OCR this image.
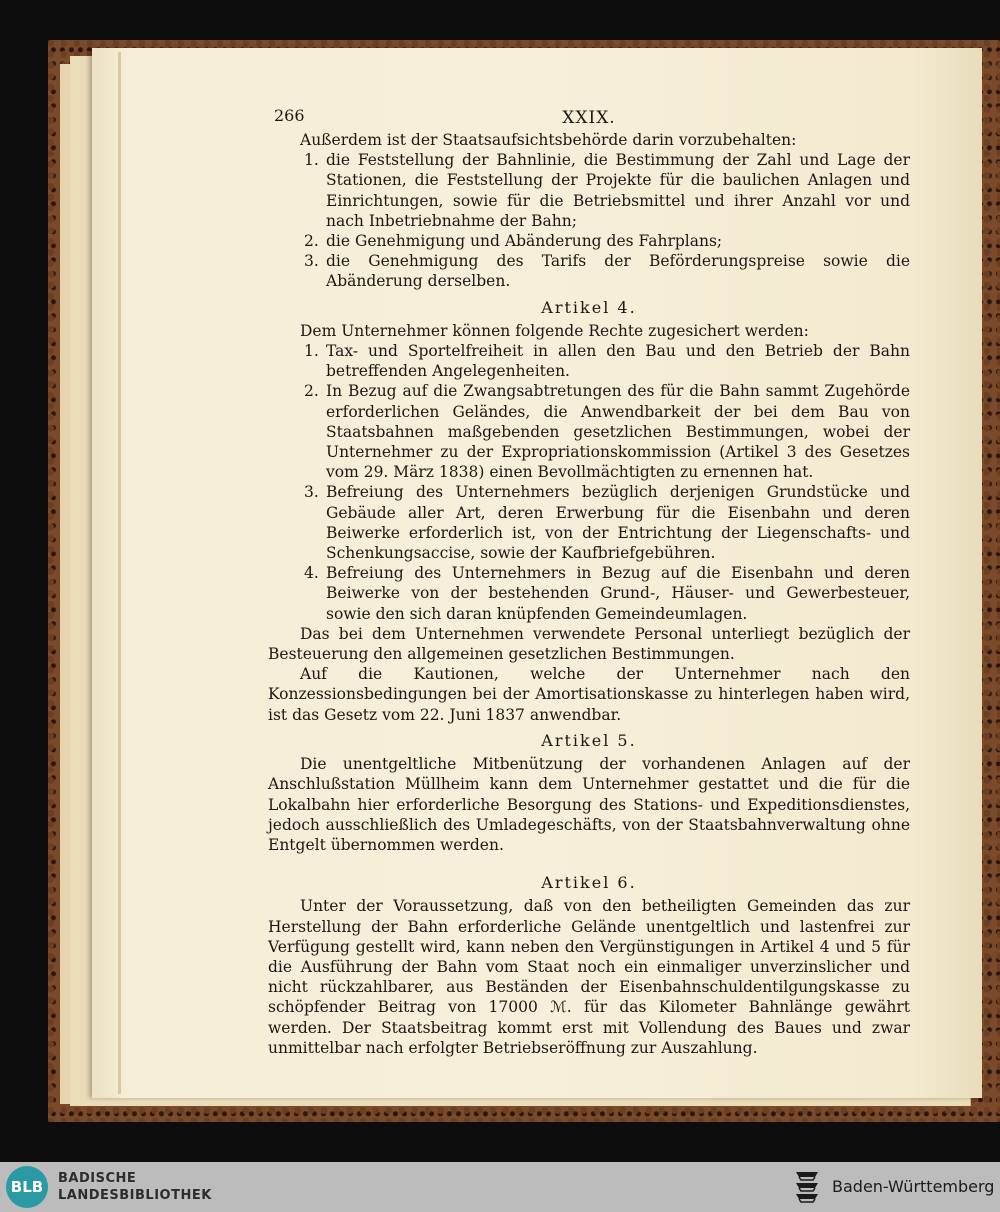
266	XXIX.

Außerdem ist der Staatsaufsichtsbehörde darin vorzubehalten:

1. die Feststellung der Bahnlinie, die Bestimmung der Zahl und Lage der Stationen, die Feststellung der Projekte für die baulichen Anlagen und Einrichtungen, sowie für die Betriebsmittel und ihrer Anzahl vor und nach Inbetriebnahme der Bahn;
2. die Genehmigung und Abänderung des Fahrplans;
3. die Genehmigung des Tarifs der Beförderungspreise sowie die Abänderung derselben.
Artikel 4.

Dem Unternehmer können folgende Rechte zugesichert werden:

1. Tax- und Sportelfreiheit in allen den Bau und den Betrieb der Bahn betreffenden Angelegenheiten.
2. In Bezug auf die Zwangsabtretungen des für die Bahn sammt Zugehörde erforderlichen Geländes, die Anwendbarkeit der bei dem Bau von Staatsbahnen maßgebenden gesetzlichen Bestimmungen, wobei der Unternehmer zu der Expropriationskommission (Artikel 3 des Gesetzes vom 29. März 1838) einen Bevollmächtigten zu ernennen hat.
3. Befreiung des Unternehmers bezüglich derjenigen Grundstücke und Gebäude aller Art, deren Erwerbung für die Eisenbahn und deren Beiwerke erforderlich ist, von der Entrichtung der Liegenschafts- und Schenkungsaccise, sowie der Kaufbriefgebühren.
4. Befreiung des Unternehmers in Bezug auf die Eisenbahn und deren Beiwerke von der bestehenden Grund-, Häuser- und Gewerbesteuer, sowie den sich daran knüpfenden Gemeindeumlagen.

Das bei dem Unternehmen verwendete Personal unterliegt bezüglich der Besteuerung den allgemeinen gesetzlichen Bestimmungen.

Auf die Kautionen, welche der Unternehmer nach den Konzessionsbedingungen bei der Amortisationskasse zu hinterlegen haben wird, ist das Gesetz vom 22. Juni 1837 anwendbar.

Artikel 5.

Die unentgeltliche Mitbenützung der vorhandenen Anlagen auf der Anschlußstation Müllheim kann dem Unternehmer gestattet und die für die Lokalbahn hier erforderliche Besorgung des Stations- und Expeditionsdienstes, jedoch ausschließlich des Umladegeschäfts, von der Staatsbahnverwaltung ohne Entgelt übernommen werden.

Artikel 6.

Unter der Voraussetzung, daß von den betheiligten Gemeinden das zur Herstellung der Bahn erforderliche Gelände unentgeltlich und lastenfrei zur Verfügung gestellt wird, kann neben den Vergünstigungen in Artikel 4 und 5 für die Ausführung der Bahn vom Staat noch ein einmaliger unverzinslicher und nicht rückzahlbarer, aus Beständen der Eisenbahnschuldentilgungskasse zu schöpfender Beitrag von 17000 ℳ. für das Kilometer Bahnlänge gewährt werden. Der Staatsbeitrag kommt erst mit Vollendung des Baues und zwar unmittelbar nach erfolgter Betriebseröffnung zur Auszahlung.

BLB	BADISCHE
LANDESBIBLIOTHEK	Baden-Württemberg
